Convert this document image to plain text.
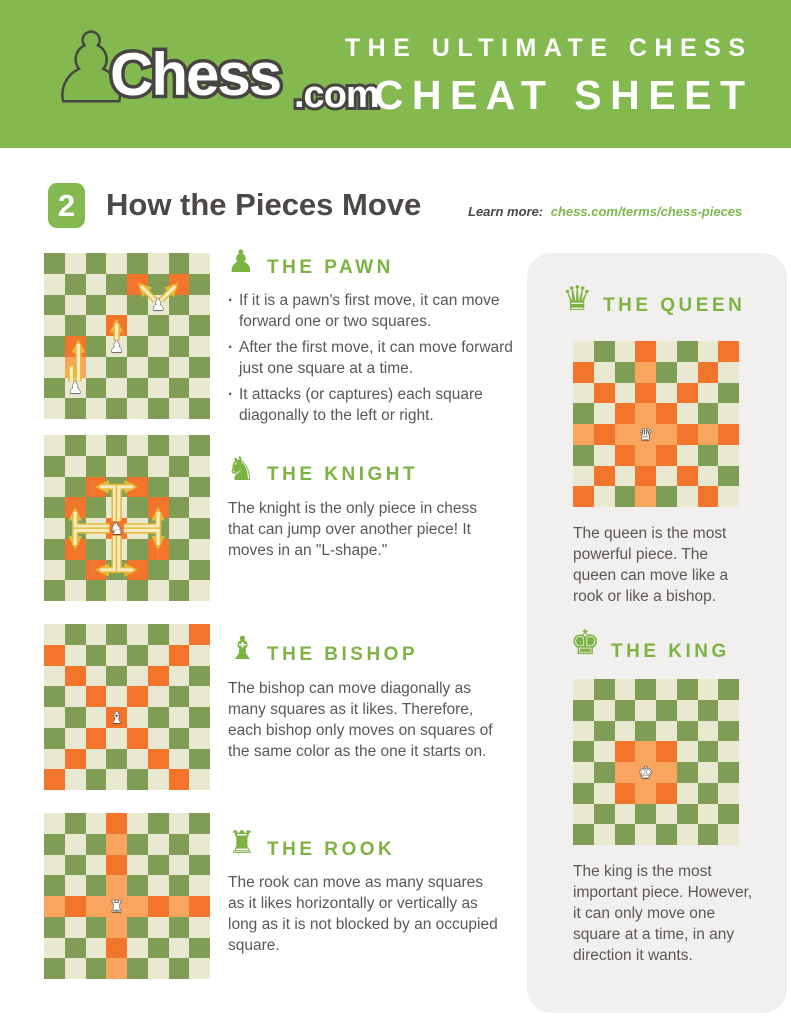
♟
Chess .com
THE ULTIMATE CHESS
CHEAT SHEET
2 How the Pieces Move	Learn more: chess.com/terms/chess-pieces
♟
♟
♟
♞
♝
♜
♛
♚
♟ THE PAWN
· If it is a pawn's first move, it can move forward one or two squares.
· After the first move, it can move forward just one square at a time.
· It attacks (or captures) each square diagonally to the left or right.
♞ THE KNIGHT
The knight is the only piece in chess that can jump over another piece! It moves in an "L-shape."
♝ THE BISHOP
The bishop can move diagonally as many squares as it likes. Therefore, each bishop only moves on squares of the same color as the one it starts on.
♜ THE ROOK
The rook can move as many squares as it likes horizontally or vertically as long as it is not blocked by an occupied square.
♛ THE QUEEN
The queen is the most powerful piece. The queen can move like a rook or like a bishop.
♚ THE KING
The king is the most important piece. However, it can only move one square at a time, in any direction it wants.
